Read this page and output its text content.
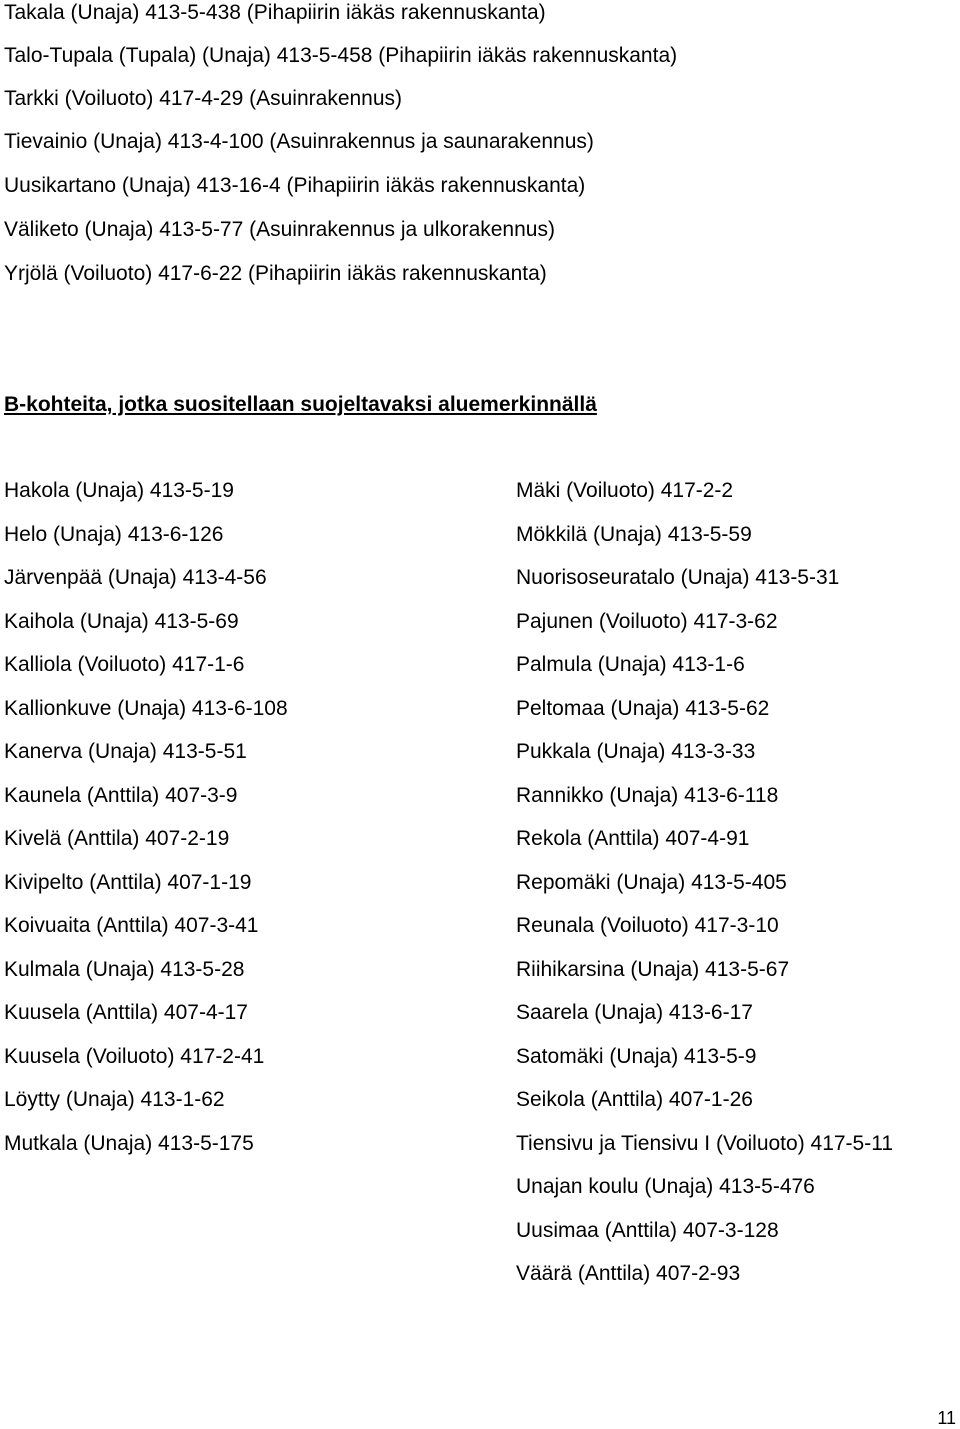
Takala (Unaja) 413-5-438 (Pihapiirin iäkäs rakennuskanta)
Talo-Tupala (Tupala) (Unaja) 413-5-458 (Pihapiirin iäkäs rakennuskanta)
Tarkki (Voiluoto) 417-4-29 (Asuinrakennus)
Tievainio (Unaja) 413-4-100 (Asuinrakennus ja saunarakennus)
Uusikartano (Unaja) 413-16-4 (Pihapiirin iäkäs rakennuskanta)
Väliketo (Unaja) 413-5-77 (Asuinrakennus ja ulkorakennus)
Yrjölä (Voiluoto) 417-6-22 (Pihapiirin iäkäs rakennuskanta)
B-kohteita, jotka suositellaan suojeltavaksi aluemerkinnällä
Hakola (Unaja) 413-5-19
Helo (Unaja) 413-6-126
Järvenpää (Unaja) 413-4-56
Kaihola (Unaja) 413-5-69
Kalliola (Voiluoto) 417-1-6
Kallionkuve (Unaja) 413-6-108
Kanerva (Unaja) 413-5-51
Kaunela (Anttila) 407-3-9
Kivelä (Anttila) 407-2-19
Kivipelto (Anttila) 407-1-19
Koivuaita (Anttila) 407-3-41
Kulmala (Unaja) 413-5-28
Kuusela (Anttila) 407-4-17
Kuusela (Voiluoto) 417-2-41
Löytty (Unaja) 413-1-62
Mutkala (Unaja) 413-5-175
Mäki (Voiluoto) 417-2-2
Mökkilä (Unaja) 413-5-59
Nuorisoseuratalo (Unaja) 413-5-31
Pajunen (Voiluoto) 417-3-62
Palmula (Unaja) 413-1-6
Peltomaa (Unaja) 413-5-62
Pukkala (Unaja) 413-3-33
Rannikko (Unaja) 413-6-118
Rekola (Anttila) 407-4-91
Repomäki (Unaja) 413-5-405
Reunala (Voiluoto) 417-3-10
Riihikarsina (Unaja) 413-5-67
Saarela (Unaja) 413-6-17
Satomäki (Unaja) 413-5-9
Seikola (Anttila) 407-1-26
Tiensivu ja Tiensivu I (Voiluoto) 417-5-11
Unajan koulu (Unaja) 413-5-476
Uusimaa (Anttila) 407-3-128
Väärä (Anttila) 407-2-93
11
